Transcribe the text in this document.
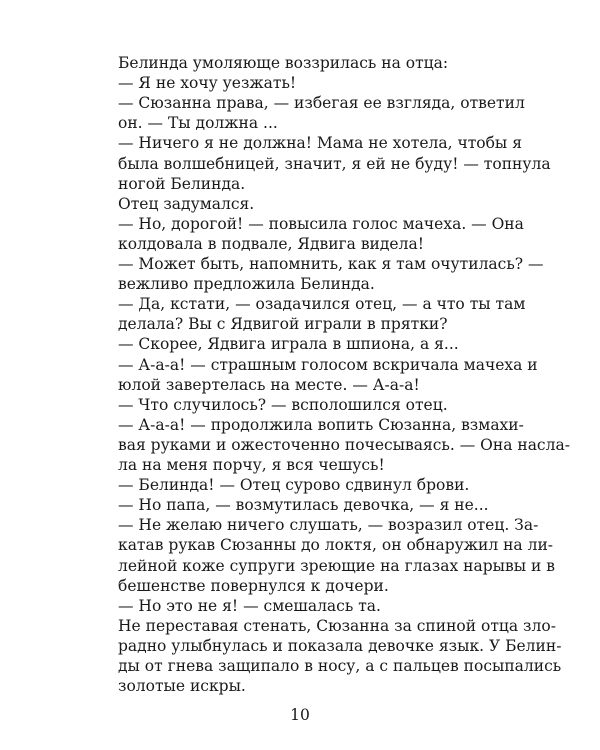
Белинда умоляюще воззрилась на отца:
— Я не хочу уезжать!
— Сюзанна права, — избегая ее взгляда, ответил
он. — Ты должна ...
— Ничего я не должна! Мама не хотела, чтобы я
была волшебницей, значит, я ей не буду! — топнула
ногой Белинда.
Отец задумался.
— Но, дорогой! — повысила голос мачеха. — Она
колдовала в подвале, Ядвига видела!
— Может быть, напомнить, как я там очутилась? —
вежливо предложила Белинда.
— Да, кстати, — озадачился отец, — а что ты там
делала? Вы с Ядвигой играли в прятки?
— Скорее, Ядвига играла в шпиона, а я...
— А-а-а! — страшным голосом вскричала мачеха и
юлой завертелась на месте. — А-а-а!
— Что случилось? — всполошился отец.
— А-а-а! — продолжила вопить Сюзанна, взмахи-
вая руками и ожесточенно почесываясь. — Она насла-
ла на меня порчу, я вся чешусь!
— Белинда! — Отец сурово сдвинул брови.
— Но папа, — возмутилась девочка, — я не...
— Не желаю ничего слушать, — возразил отец. За-
катав рукав Сюзанны до локтя, он обнаружил на ли-
лейной коже супруги зреющие на глазах нарывы и в
бешенстве повернулся к дочери.
— Но это не я! — смешалась та.
Не переставая стенать, Сюзанна за спиной отца зло-
радно улыбнулась и показала девочке язык. У Белин-
ды от гнева защипало в носу, а с пальцев посыпались
золотые искры.
10
